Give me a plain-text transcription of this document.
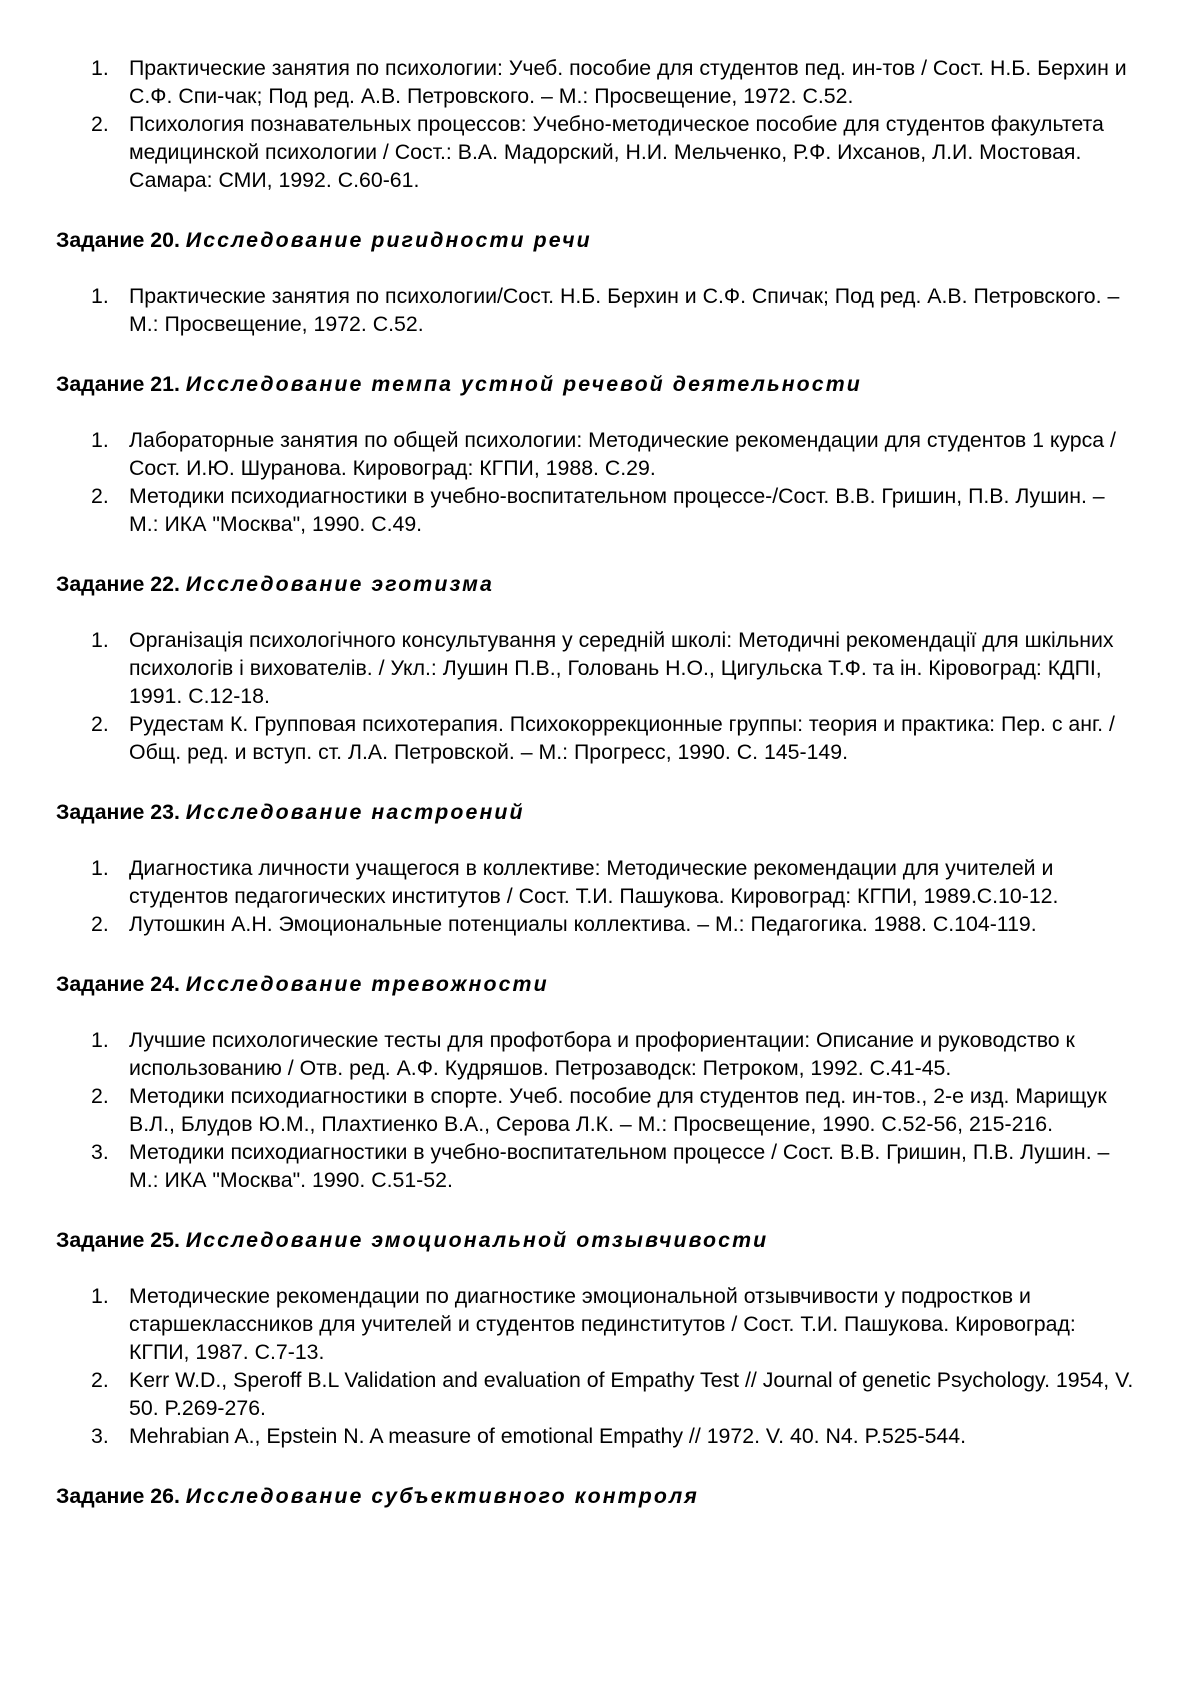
1. Практические занятия по психологии: Учеб. пособие для студентов пед. ин-тов / Сост. Н.Б. Берхин и С.Ф. Спи-чак; Под ред. А.В. Петровского. – М.: Просвещение, 1972. С.52.
2. Психология познавательных процессов: Учебно-методическое пособие для студентов факультета медицинской психологии / Сост.: В.А. Мадорский, Н.И. Мельченко, Р.Ф. Ихсанов, Л.И. Мостовая. Самара: СМИ, 1992. С.60-61.

Задание 20. Исследование ригидности речи

1. Практические занятия по психологии/Сост. Н.Б. Берхин и С.Ф. Спичак; Под ред. А.В. Петровского. – М.: Просвещение, 1972. С.52.

Задание 21. Исследование темпа устной речевой деятельности

1. Лабораторные занятия по общей психологии: Методические рекомендации для студентов 1 курса / Сост. И.Ю. Шуранова. Кировоград: КГПИ, 1988. С.29.
2. Методики психодиагностики в учебно-воспитательном процессе-/Сост. В.В. Гришин, П.В. Лушин. – М.: ИКА "Москва", 1990. С.49.

Задание 22. Исследование эготизма

1. Організація психологічного консультування у середній школі: Методичні рекомендації для шкільних психологів і вихователів. / Укл.: Лушин П.В., Головань Н.О., Цигульска Т.Ф. та ін. Кіровоград: КДПІ, 1991. С.12-18.
2. Рудестам К. Групповая психотерапия. Психокоррекционные группы: теория и практика: Пер. с анг. / Общ. ред. и вступ. ст. Л.А. Петровской. – М.: Прогресс, 1990. С. 145-149.

Задание 23. Исследование настроений

1. Диагностика личности учащегося в коллективе: Методические рекомендации для учителей и студентов педагогических институтов / Сост. Т.И. Пашукова. Кировоград: КГПИ, 1989.С.10-12.
2. Лутошкин А.Н. Эмоциональные потенциалы коллектива. – М.: Педагогика. 1988. С.104-119.

Задание 24. Исследование тревожности

1. Лучшие психологические тесты для профотбора и профориентации: Описание и руководство к использованию / Отв. ред. А.Ф. Кудряшов. Петрозаводск: Петроком, 1992. С.41-45.
2. Методики психодиагностики в спорте. Учеб. пособие для студентов пед. ин-тов., 2-е изд. Марищук В.Л., Блудов Ю.М., Плахтиенко В.А., Серова Л.К. – М.: Просвещение, 1990. С.52-56, 215-216.
3. Методики психодиагностики в учебно-воспитательном процессе / Сост. В.В. Гришин, П.В. Лушин. – М.: ИКА "Москва". 1990. С.51-52.

Задание 25. Исследование эмоциональной отзывчивости

1. Методические рекомендации по диагностике эмоциональной отзывчивости у подростков и старшеклассников для учителей и студентов пединститутов / Сост. Т.И. Пашукова. Кировоград: КГПИ, 1987. С.7-13.
2. Kerr W.D., Speroff B.L Validation and evaluation of Empathy Test // Journal of genetic Psychology. 1954, V. 50. P.269-276.
3. Mehrabian A., Epstein N. A measure of emotional Empathy // 1972. V. 40. N4. P.525-544.

Задание 26. Исследование субъективного контроля
